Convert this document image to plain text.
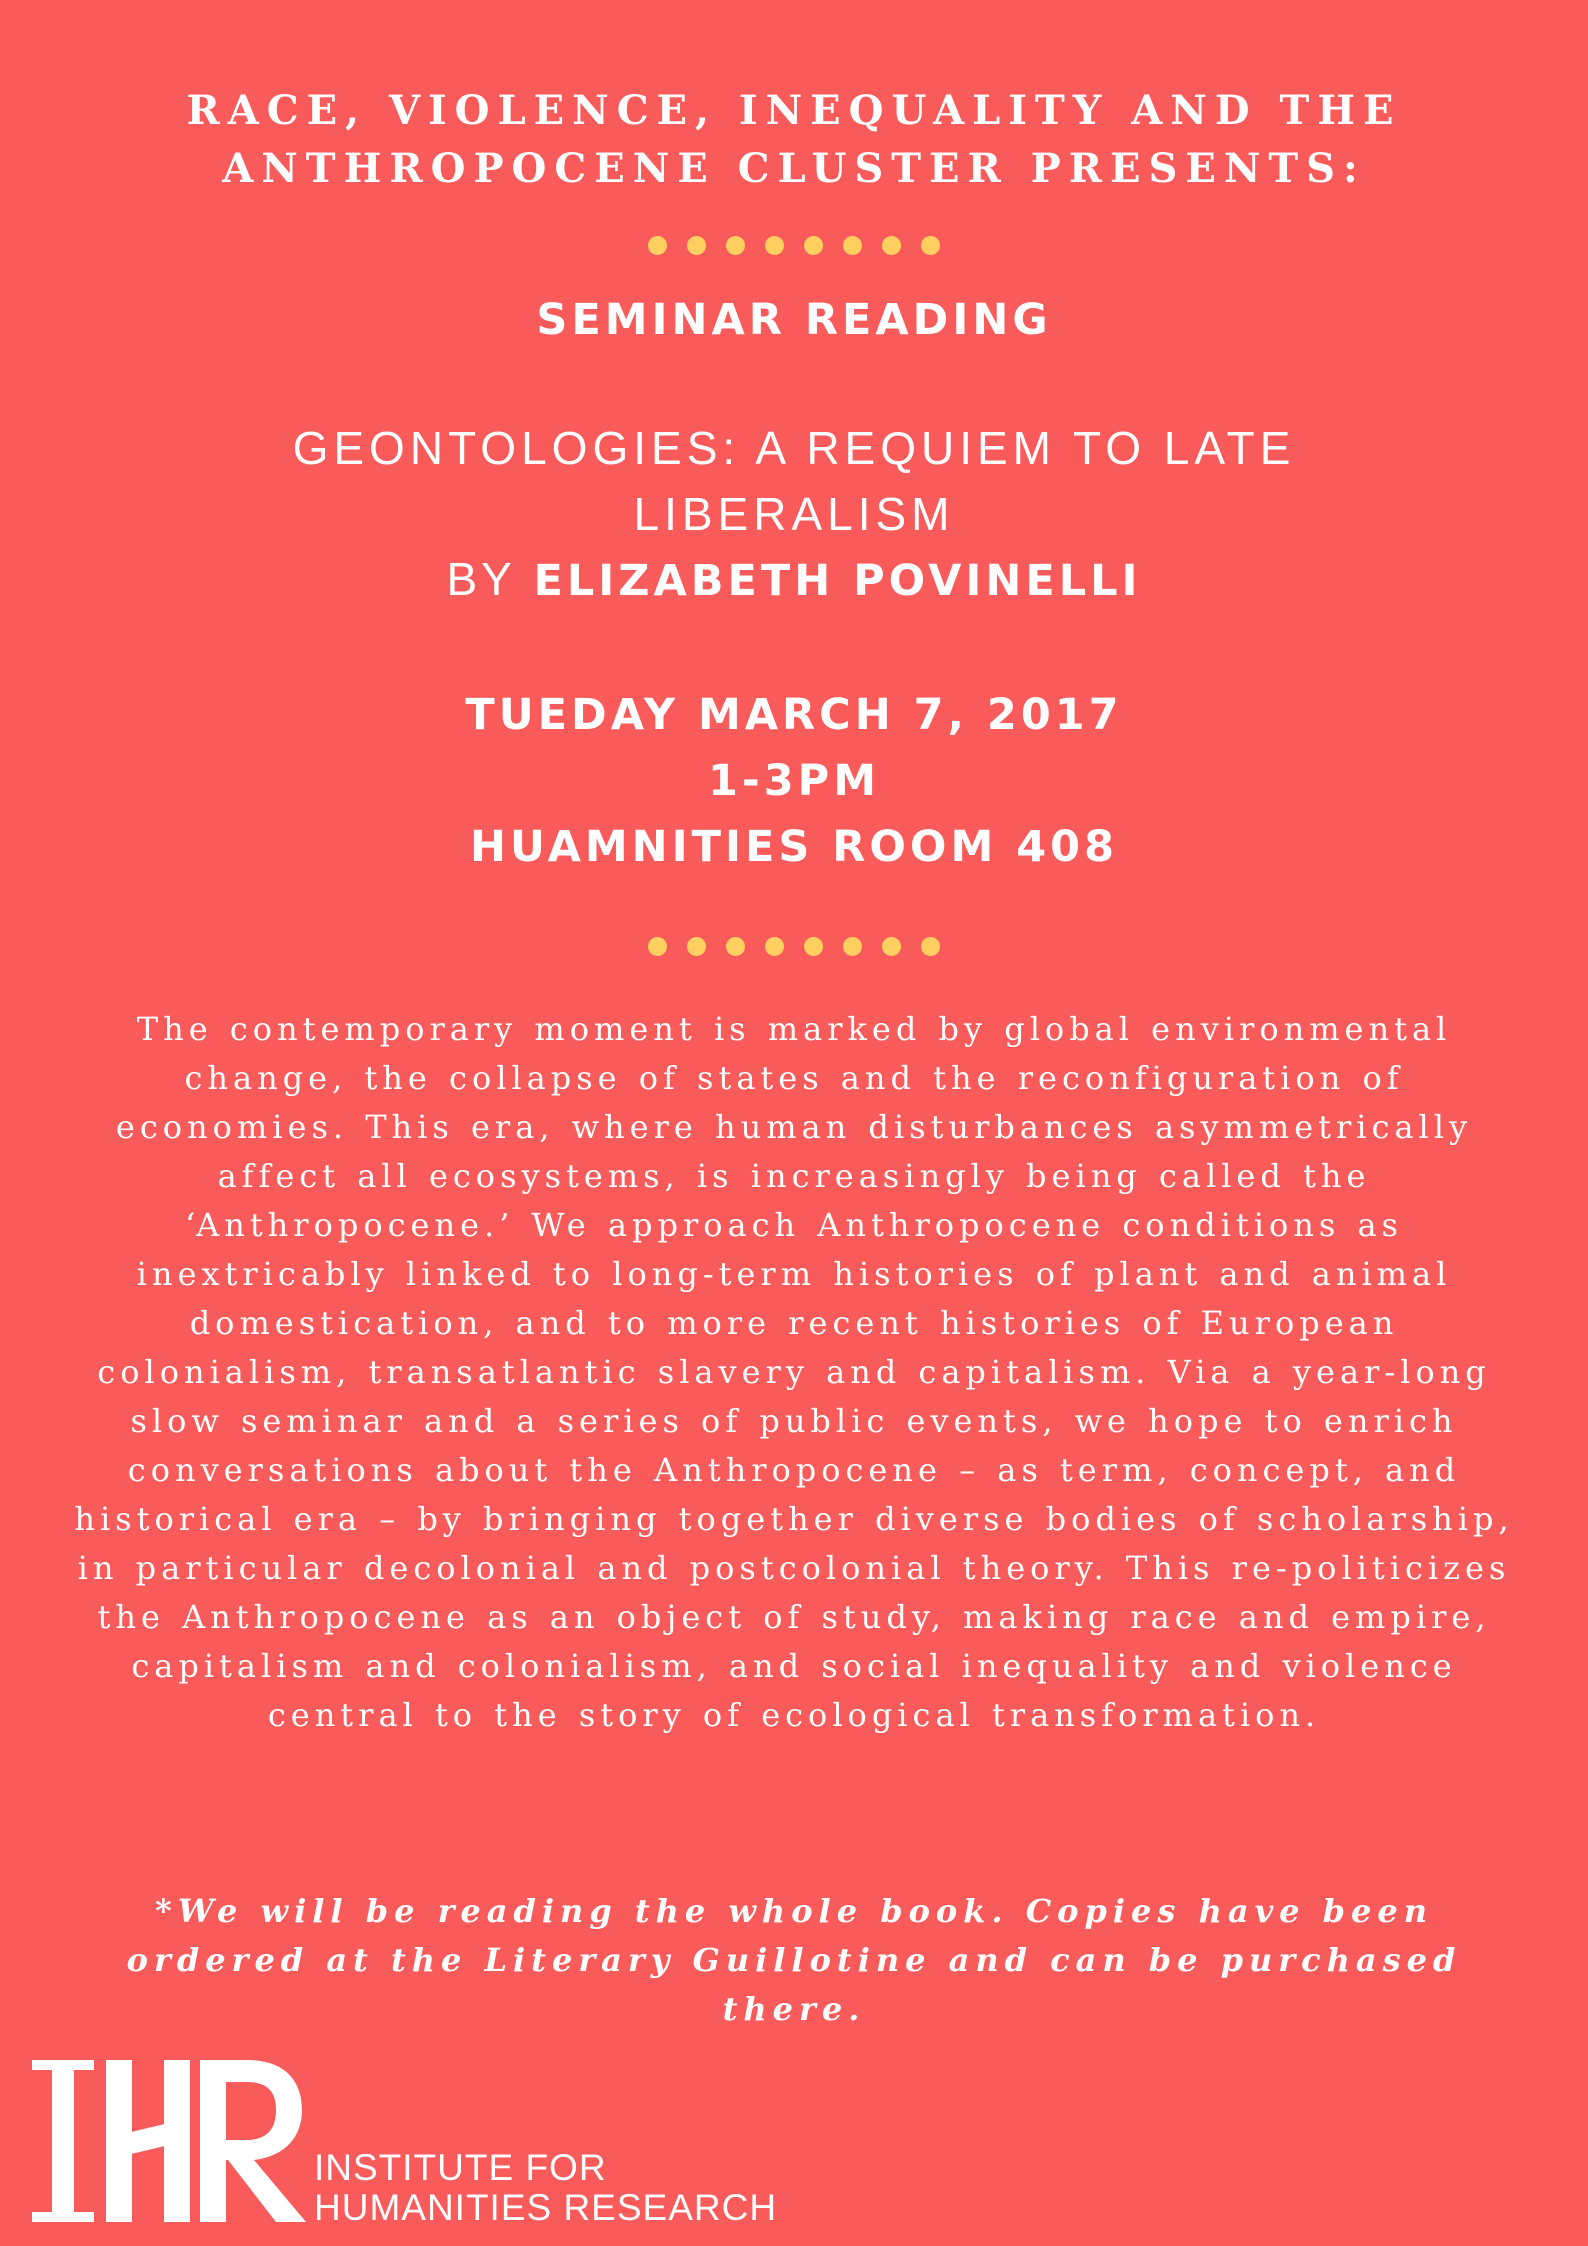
RACE, VIOLENCE, INEQUALITY AND THE
ANTHROPOCENE CLUSTER PRESENTS:
SEMINAR READING
GEONTOLOGIES: A REQUIEM TO LATE
LIBERALISM
BY ELIZABETH POVINELLI
TUEDAY MARCH 7, 2017
1-3PM
HUAMNITIES ROOM 408
The contemporary moment is marked by global environmental change, the collapse of states and the reconfiguration of economies. This era, where human disturbances asymmetrically affect all ecosystems, is increasingly being called the ‘Anthropocene.’ We approach Anthropocene conditions as inextricably linked to long-term histories of plant and animal domestication, and to more recent histories of European colonialism, transatlantic slavery and capitalism. Via a year-long slow seminar and a series of public events, we hope to enrich conversations about the Anthropocene – as term, concept, and historical era – by bringing together diverse bodies of scholarship, in particular decolonial and postcolonial theory. This re-politicizes the Anthropocene as an object of study, making race and empire, capitalism and colonialism, and social inequality and violence central to the story of ecological transformation.
*We will be reading the whole book. Copies have been ordered at the Literary Guillotine and can be purchased there.
INSTITUTE FOR
HUMANITIES RESEARCH
